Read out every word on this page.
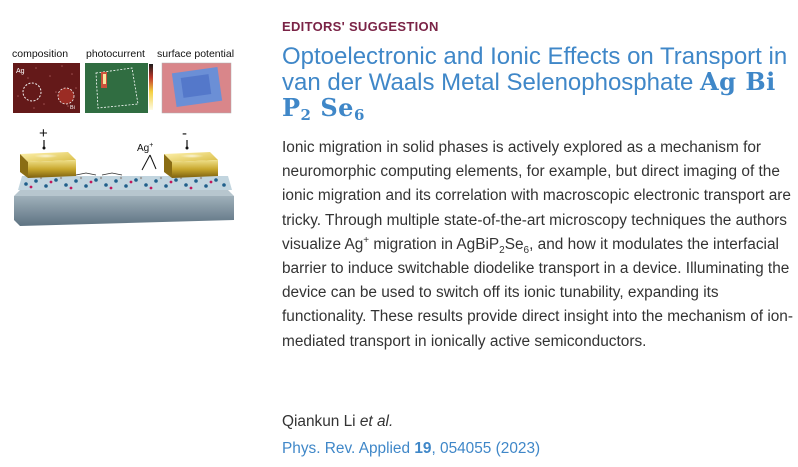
composition photocurrent surface potential
Ag
Bi
+	-
Ag+
EDITORS' SUGGESTION
Optoelectronic and Ionic Effects on Transport in van der Waals Metal Selenophosphate Ag Bi $P_2$ $Se_6$
Ionic migration in solid phases is actively explored as a mechanism for neuromorphic computing elements, for example, but direct imaging of the ionic migration and its correlation with macroscopic electronic transport are tricky. Through multiple state-of-the-art microscopy techniques the authors visualize Ag+ migration in $AgBiP_2Se_6$, and how it modulates the interfacial barrier to induce switchable diodelike transport in a device. Illuminating the device can be used to switch off its ionic tunability, expanding its functionality. These results provide direct insight into the mechanism of ion-mediated transport in ionically active semiconductors.
Qiankun Li et al.
Phys. Rev. Applied 19, 054055 (2023)
